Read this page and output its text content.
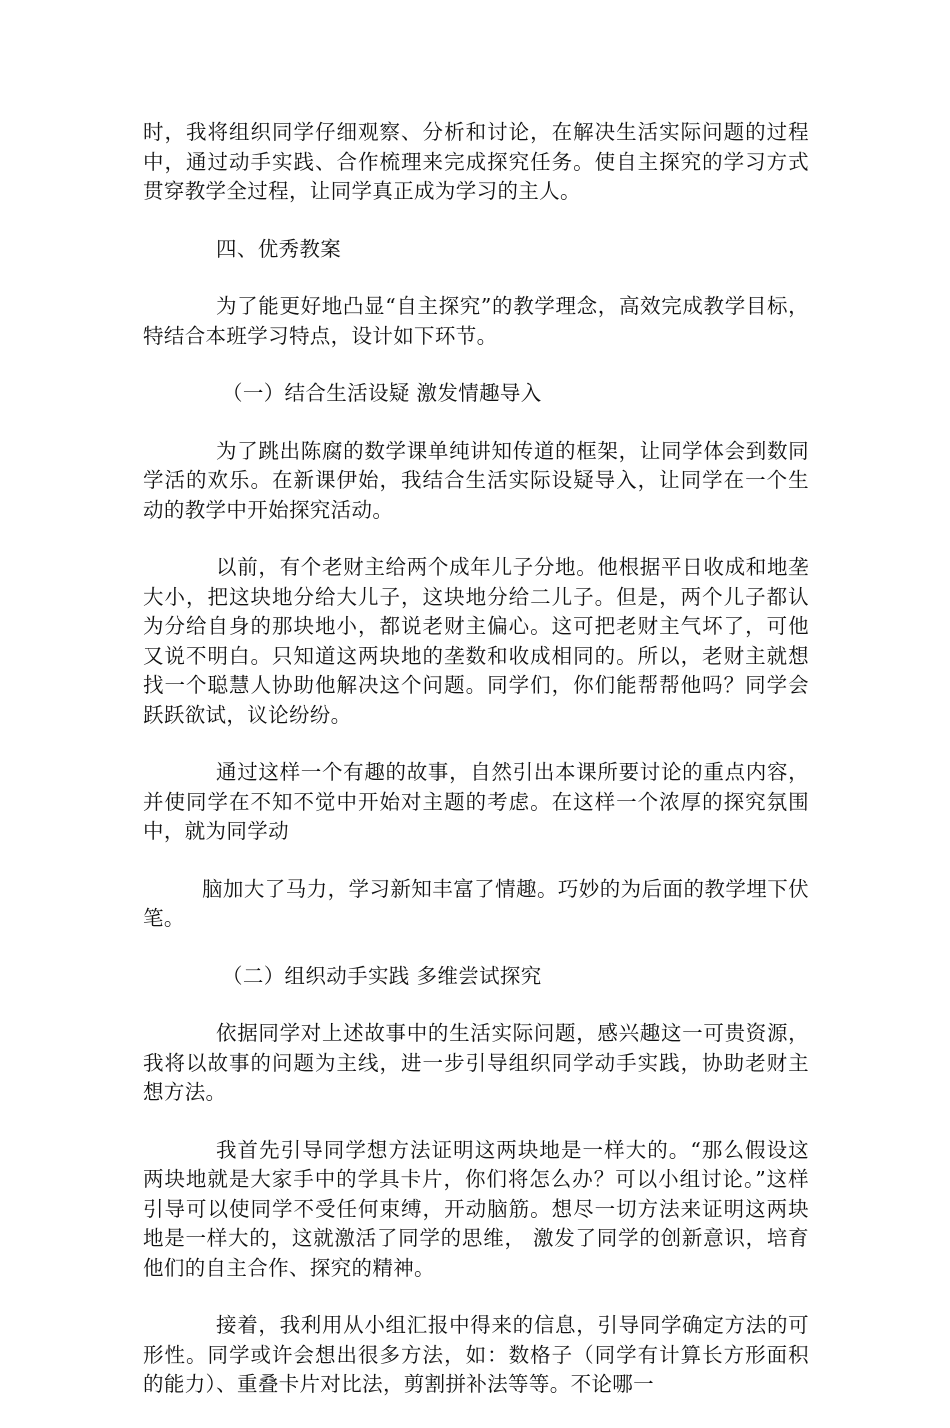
时，我将组织同学仔细观察、分析和讨论，在解决生活实际问题的过程中，通过动手实践、合作梳理来完成探究任务。使自主探究的学习方式贯穿教学全过程，让同学真正成为学习的主人。

四、优秀教案

为了能更好地凸显“自主探究”的教学理念，高效完成教学目标，特结合本班学习特点，设计如下环节。

（一）结合生活设疑 激发情趣导入

为了跳出陈腐的数学课单纯讲知传道的框架，让同学体会到数同学活的欢乐。在新课伊始，我结合生活实际设疑导入，让同学在一个生动的教学中开始探究活动。

以前，有个老财主给两个成年儿子分地。他根据平日收成和地垄大小，把这块地分给大儿子，这块地分给二儿子。但是，两个儿子都认为分给自身的那块地小，都说老财主偏心。这可把老财主气坏了，可他又说不明白。只知道这两块地的垄数和收成相同的。所以，老财主就想找一个聪慧人协助他解决这个问题。同学们，你们能帮帮他吗？同学会跃跃欲试，议论纷纷。

通过这样一个有趣的故事，自然引出本课所要讨论的重点内容，并使同学在不知不觉中开始对主题的考虑。在这样一个浓厚的探究氛围中，就为同学动

脑加大了马力，学习新知丰富了情趣。巧妙的为后面的教学埋下伏笔。

（二）组织动手实践 多维尝试探究

依据同学对上述故事中的生活实际问题，感兴趣这一可贵资源，我将以故事的问题为主线，进一步引导组织同学动手实践，协助老财主想方法。

我首先引导同学想方法证明这两块地是一样大的。“那么假设这两块地就是大家手中的学具卡片，你们将怎么办？可以小组讨论。”这样引导可以使同学不受任何束缚，开动脑筋。想尽一切方法来证明这两块地是一样大的，这就激活了同学的思维， 激发了同学的创新意识，培育他们的自主合作、探究的精神。

接着，我利用从小组汇报中得来的信息，引导同学确定方法的可形性。同学或许会想出很多方法，如：数格子（同学有计算长方形面积的能力）、重叠卡片对比法，剪割拼补法等等。不论哪一
